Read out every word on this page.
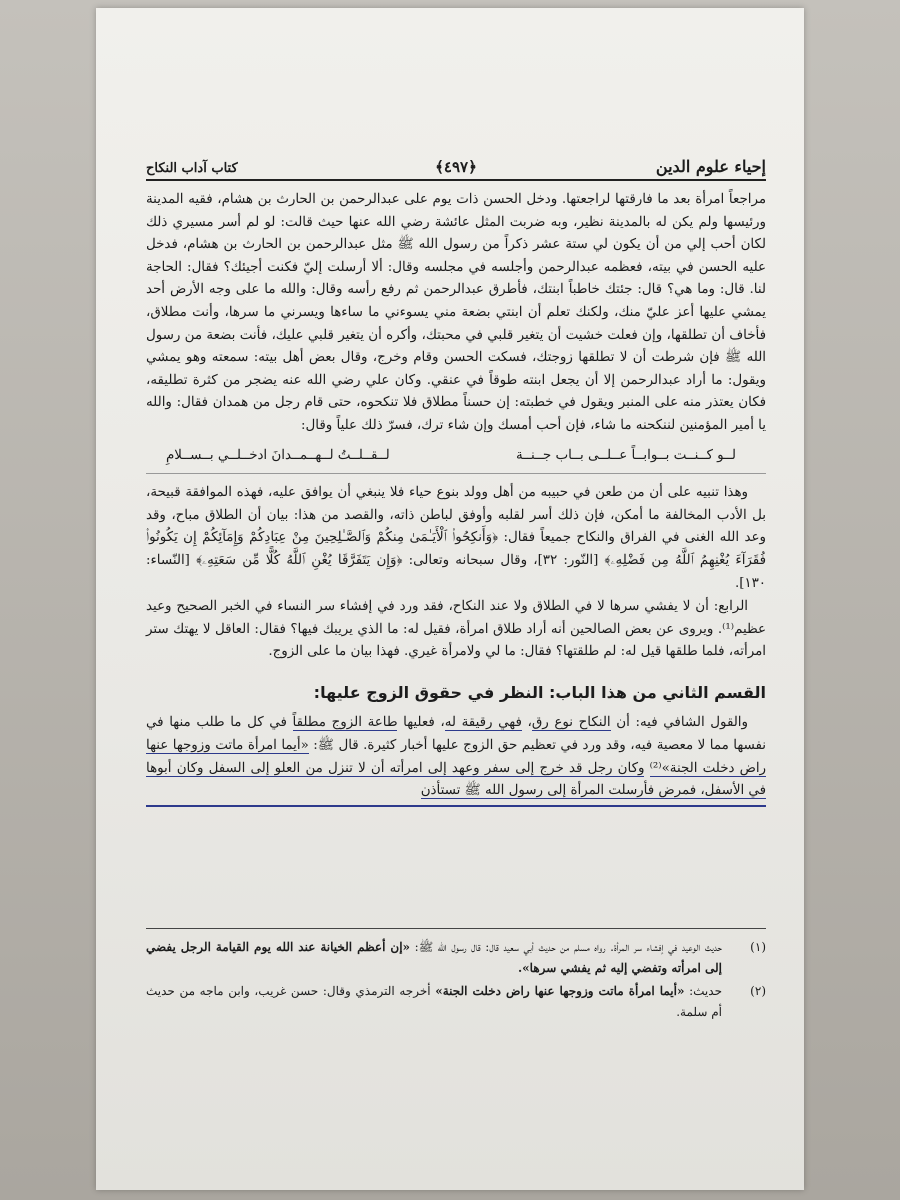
إحياء علوم الدين
﴿٤٩٧﴾
كتاب آداب النكاح

مراجعاً امرأة بعد ما فارقتها لراجعتها. ودخل الحسن ذات يوم على عبدالرحمن بن الحارث بن هشام، فقيه المدينة ورئيسها ولم يكن له بالمدينة نظير، وبه ضربت المثل عائشة رضي الله عنها حيث قالت: لو لم أسر مسيري ذلك لكان أحب إلي من أن يكون لي ستة عشر ذكراً من رسول الله ﷺ مثل عبدالرحمن بن الحارث بن هشام، فدخل عليه الحسن في بيته، فعظمه عبدالرحمن وأجلسه في مجلسه وقال: ألا أرسلت إليّ فكنت أجيئك؟ فقال: الحاجة لنا. قال: وما هي؟ قال: جئتك خاطباً ابنتك، فأطرق عبدالرحمن ثم رفع رأسه وقال: والله ما على وجه الأرض أحد يمشي عليها أعز عليّ منك، ولكنك تعلم أن ابنتي بضعة مني يسوءني ما ساءها ويسرني ما سرها، وأنت مطلاق، فأخاف أن تطلقها، وإن فعلت خشيت أن يتغير قلبي في محبتك، وأكره أن يتغير قلبي عليك، فأنت بضعة من رسول الله ﷺ فإن شرطت أن لا تطلقها زوجتك، فسكت الحسن وقام وخرج، وقال بعض أهل بيته: سمعته وهو يمشي ويقول: ما أراد عبدالرحمن إلا أن يجعل ابنته طوقاً في عنقي. وكان علي رضي الله عنه يضجر من كثرة تطليقه، فكان يعتذر منه على المنبر ويقول في خطبته: إن حسناً مطلاق فلا تنكحوه، حتى قام رجل من همدان فقال: والله يا أمير المؤمنين لننكحنه ما شاء، فإن أحب أمسك وإن شاء ترك، فسرّ ذلك علياً وقال:

لــو كــنــت بــوابــاً عــلــى بــاب جــنــة
لــقــلــتُ لــهــمــدانَ ادخــلــي بــســلامِ

وهذا تنبيه على أن من طعن في حبيبه من أهل وولد بنوع حياء فلا ينبغي أن يوافق عليه، فهذه الموافقة قبيحة، بل الأدب المخالفة ما أمكن، فإن ذلك أسر لقلبه وأوفق لباطن ذاته، والقصد من هذا: بيان أن الطلاق مباح، وقد وعد الله الغنى في الفراق والنكاح جميعاً فقال: ﴿وَأَنكِحُوا۟ ٱلْأَيَـٰمَىٰ مِنكُمْ وَٱلصَّـٰلِحِينَ مِنْ عِبَادِكُمْ وَإِمَآئِكُمْ إِن يَكُونُوا۟ فُقَرَآءَ يُغْنِهِمُ ٱللَّهُ مِن فَضْلِهِۦ﴾ [النّور: ٣٢]، وقال سبحانه وتعالى: ﴿وَإِن يَتَفَرَّقَا يُغْنِ ٱللَّهُ كُلًّا مِّن سَعَتِهِۦ﴾ [النّساء: ١٣٠].

الرابع: أن لا يفشي سرها لا في الطلاق ولا عند النكاح، فقد ورد في إفشاء سر النساء في الخبر الصحيح وعيد عظيم⁽¹⁾. ويروى عن بعض الصالحين أنه أراد طلاق امرأة، فقيل له: ما الذي يريبك فيها؟ فقال: العاقل لا يهتك ستر امرأته، فلما طلقها قيل له: لم طلقتها؟ فقال: ما لي ولامرأة غيري. فهذا بيان ما على الزوج.

القسم الثاني من هذا الباب: النظر في حقوق الزوج عليها:

والقول الشافي فيه: أن النكاح نوع رق، فهي رقيقة له، فعليها طاعة الزوج مطلقاً في كل ما طلب منها في نفسها مما لا معصية فيه، وقد ورد في تعظيم حق الزوج عليها أخبار كثيرة. قال ﷺ: «أيما امرأة ماتت وزوجها عنها راض دخلت الجنة»⁽²⁾ وكان رجل قد خرج إلى سفر وعهد إلى امرأته أن لا تنزل من العلو إلى السفل وكان أبوها في الأسفل، فمرض فأرسلت المرأة إلى رسول الله ﷺ تستأذن

(١)
حديث الوعيد في إفشاء سر المرأة. رواه مسلم من حديث أبي سعيد قال: قال رسول الله ﷺ: «إن أعظم الخيانة عند الله يوم القيامة الرجل يفضي إلى امرأته وتفضي إليه ثم يفشي سرها».
(٢)
حديث: «أيما امرأة ماتت وزوجها عنها راض دخلت الجنة» أخرجه الترمذي وقال: حسن غريب، وابن ماجه من حديث أم سلمة.
